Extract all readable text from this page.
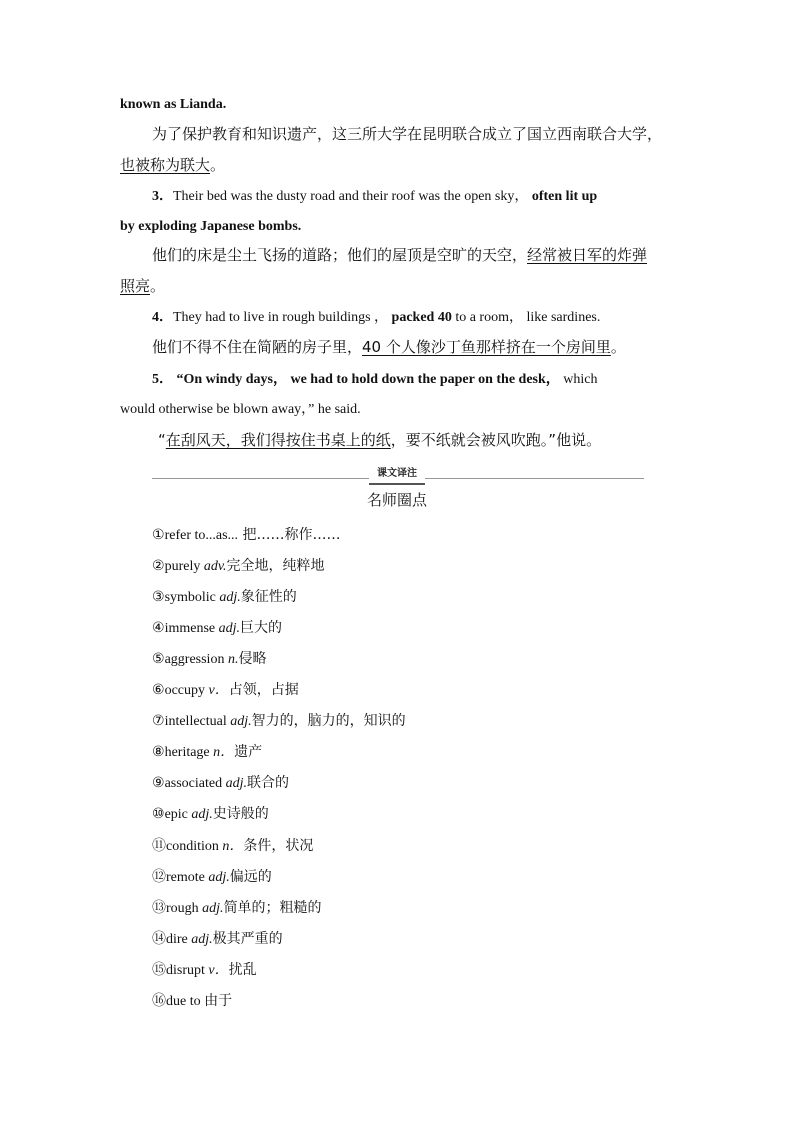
known as Lianda.
为了保护教育和知识遗产，这三所大学在昆明联合成立了国立西南联合大学，
也被称为联大。
3．Their bed was the dusty road and their roof was the open sky， often lit up
by exploding Japanese bombs.
他们的床是尘土飞扬的道路；他们的屋顶是空旷的天空，经常被日军的炸弹
照亮。
4．They had to live in rough buildings ， packed 40 to a room， like sardines.
他们不得不住在简陋的房子里，40 个人像沙丁鱼那样挤在一个房间里。
5． “On windy days， we had to hold down the paper on the desk， which
would otherwise be blown away，” he said.
“在刮风天，我们得按住书桌上的纸，要不纸就会被风吹跑。”他说。
课文译注
名师圈点
①refer to...as... 把……称作……
②purely adv.完全地，纯粹地
③symbolic adj.象征性的
④immense adj.巨大的
⑤aggression n.侵略
⑥occupy v．占领，占据
⑦intellectual adj.智力的，脑力的，知识的
⑧heritage n．遗产
⑨associated adj.联合的
⑩epic adj.史诗般的
⑪condition n．条件，状况
⑫remote adj.偏远的
⑬rough adj.简单的；粗糙的
⑭dire adj.极其严重的
⑮disrupt v．扰乱
⑯due to 由于
